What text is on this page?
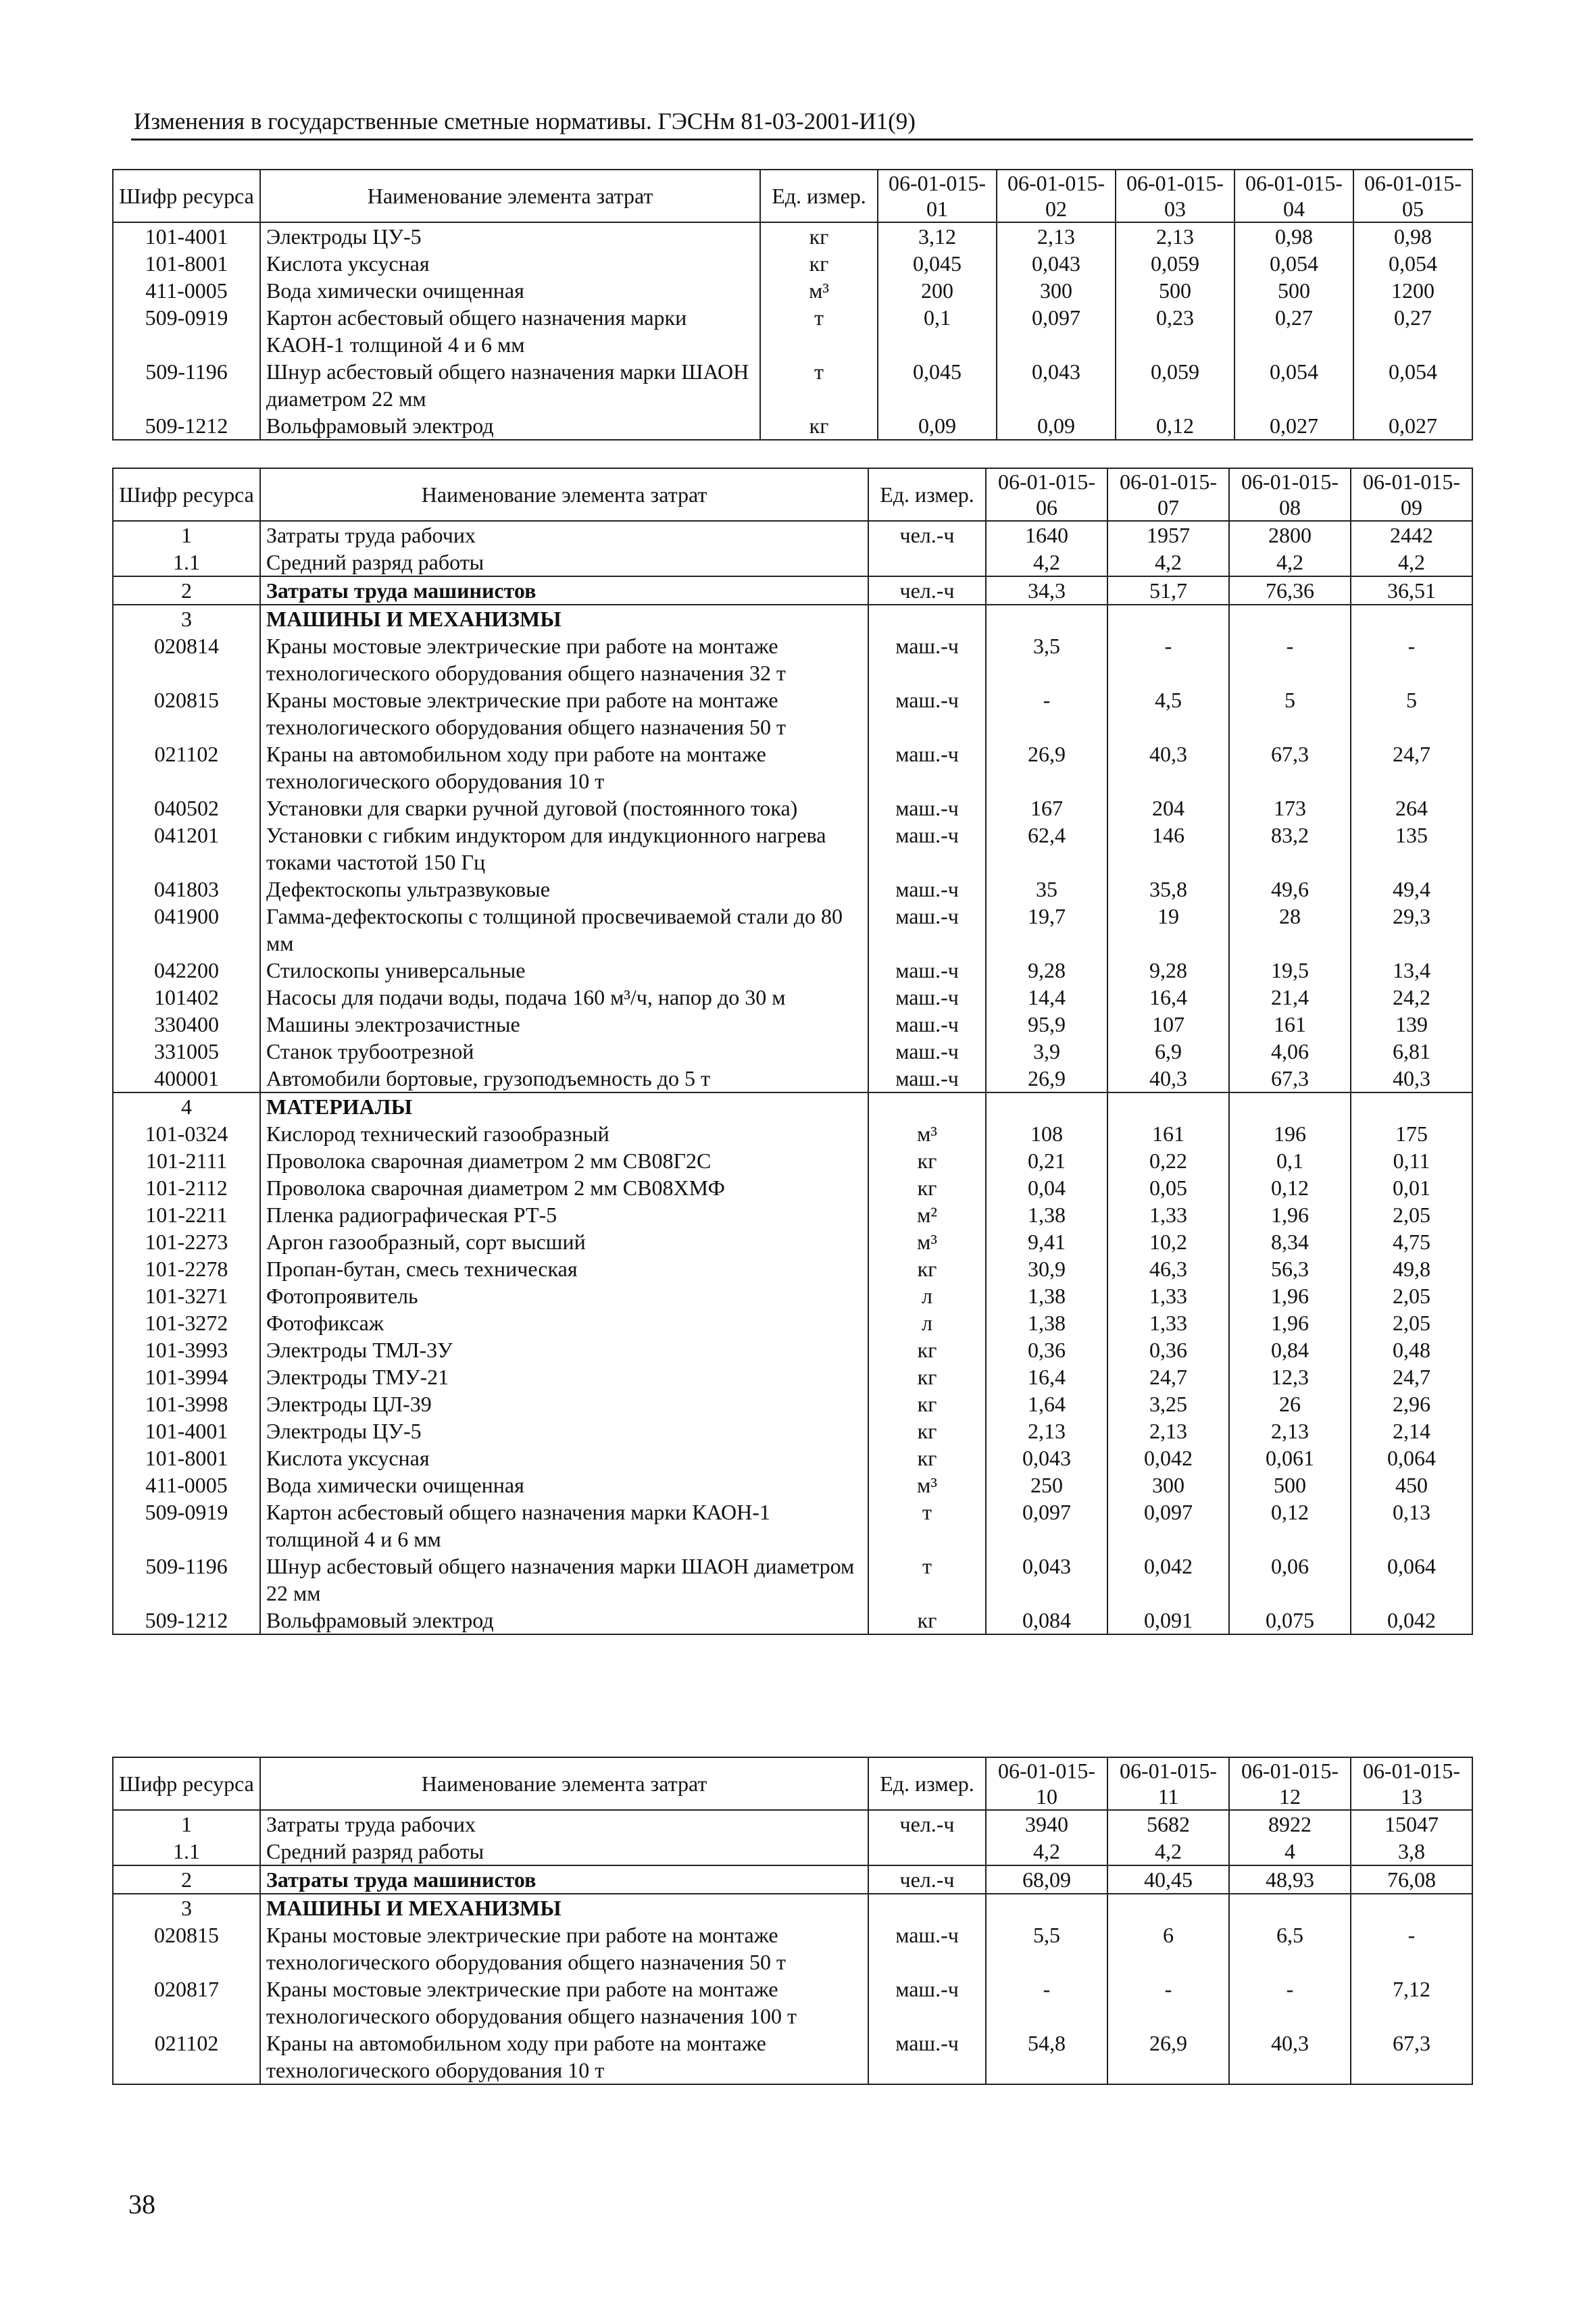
Изменения в государственные сметные нормативы. ГЭСНм 81-03-2001-И1(9)
Шифр ресурса	Наименование элемента затрат	Ед. измер.	06-01-015-01	06-01-015-02	06-01-015-03	06-01-015-04	06-01-015-05
101-4001	Электроды ЦУ-5	кг	3,12	2,13	2,13	0,98	0,98
101-8001	Кислота уксусная	кг	0,045	0,043	0,059	0,054	0,054
411-0005	Вода химически очищенная	м³	200	300	500	500	1200
509-0919	Картон асбестовый общего назначения марки КАОН-1 толщиной 4 и 6 мм	т	0,1	0,097	0,23	0,27	0,27
509-1196	Шнур асбестовый общего назначения марки ШАОН диаметром 22 мм	т	0,045	0,043	0,059	0,054	0,054
509-1212	Вольфрамовый электрод	кг	0,09	0,09	0,12	0,027	0,027
Шифр ресурса	Наименование элемента затрат	Ед. измер.	06-01-015-06	06-01-015-07	06-01-015-08	06-01-015-09
1	Затраты труда рабочих	чел.-ч	1640	1957	2800	2442
1.1	Средний разряд работы		4,2	4,2	4,2	4,2
2	Затраты труда машинистов	чел.-ч	34,3	51,7	76,36	36,51
3	МАШИНЫ И МЕХАНИЗМЫ					
020814	Краны мостовые электрические при работе на монтаже технологического оборудования общего назначения 32 т	маш.-ч	3,5	-	-	-
020815	Краны мостовые электрические при работе на монтаже технологического оборудования общего назначения 50 т	маш.-ч	-	4,5	5	5
021102	Краны на автомобильном ходу при работе на монтаже технологического оборудования 10 т	маш.-ч	26,9	40,3	67,3	24,7
040502	Установки для сварки ручной дуговой (постоянного тока)	маш.-ч	167	204	173	264
041201	Установки с гибким индуктором для индукционного нагрева токами частотой 150 Гц	маш.-ч	62,4	146	83,2	135
041803	Дефектоскопы ультразвуковые	маш.-ч	35	35,8	49,6	49,4
041900	Гамма-дефектоскопы с толщиной просвечиваемой стали до 80 мм	маш.-ч	19,7	19	28	29,3
042200	Стилоскопы универсальные	маш.-ч	9,28	9,28	19,5	13,4
101402	Насосы для подачи воды, подача 160 м³/ч, напор до 30 м	маш.-ч	14,4	16,4	21,4	24,2
330400	Машины электрозачистные	маш.-ч	95,9	107	161	139
331005	Станок трубоотрезной	маш.-ч	3,9	6,9	4,06	6,81
400001	Автомобили бортовые, грузоподъемность до 5 т	маш.-ч	26,9	40,3	67,3	40,3
4	МАТЕРИАЛЫ					
101-0324	Кислород технический газообразный	м³	108	161	196	175
101-2111	Проволока сварочная диаметром 2 мм СВ08Г2С	кг	0,21	0,22	0,1	0,11
101-2112	Проволока сварочная диаметром 2 мм СВ08ХМФ	кг	0,04	0,05	0,12	0,01
101-2211	Пленка радиографическая РТ-5	м²	1,38	1,33	1,96	2,05
101-2273	Аргон газообразный, сорт высший	м³	9,41	10,2	8,34	4,75
101-2278	Пропан-бутан, смесь техническая	кг	30,9	46,3	56,3	49,8
101-3271	Фотопроявитель	л	1,38	1,33	1,96	2,05
101-3272	Фотофиксаж	л	1,38	1,33	1,96	2,05
101-3993	Электроды ТМЛ-3У	кг	0,36	0,36	0,84	0,48
101-3994	Электроды ТМУ-21	кг	16,4	24,7	12,3	24,7
101-3998	Электроды ЦЛ-39	кг	1,64	3,25	26	2,96
101-4001	Электроды ЦУ-5	кг	2,13	2,13	2,13	2,14
101-8001	Кислота уксусная	кг	0,043	0,042	0,061	0,064
411-0005	Вода химически очищенная	м³	250	300	500	450
509-0919	Картон асбестовый общего назначения марки КАОН-1 толщиной 4 и 6 мм	т	0,097	0,097	0,12	0,13
509-1196	Шнур асбестовый общего назначения марки ШАОН диаметром 22 мм	т	0,043	0,042	0,06	0,064
509-1212	Вольфрамовый электрод	кг	0,084	0,091	0,075	0,042
Шифр ресурса	Наименование элемента затрат	Ед. измер.	06-01-015-10	06-01-015-11	06-01-015-12	06-01-015-13
1	Затраты труда рабочих	чел.-ч	3940	5682	8922	15047
1.1	Средний разряд работы		4,2	4,2	4	3,8
2	Затраты труда машинистов	чел.-ч	68,09	40,45	48,93	76,08
3	МАШИНЫ И МЕХАНИЗМЫ					
020815	Краны мостовые электрические при работе на монтаже технологического оборудования общего назначения 50 т	маш.-ч	5,5	6	6,5	-
020817	Краны мостовые электрические при работе на монтаже технологического оборудования общего назначения 100 т	маш.-ч	-	-	-	7,12
021102	Краны на автомобильном ходу при работе на монтаже технологического оборудования 10 т	маш.-ч	54,8	26,9	40,3	67,3
38
